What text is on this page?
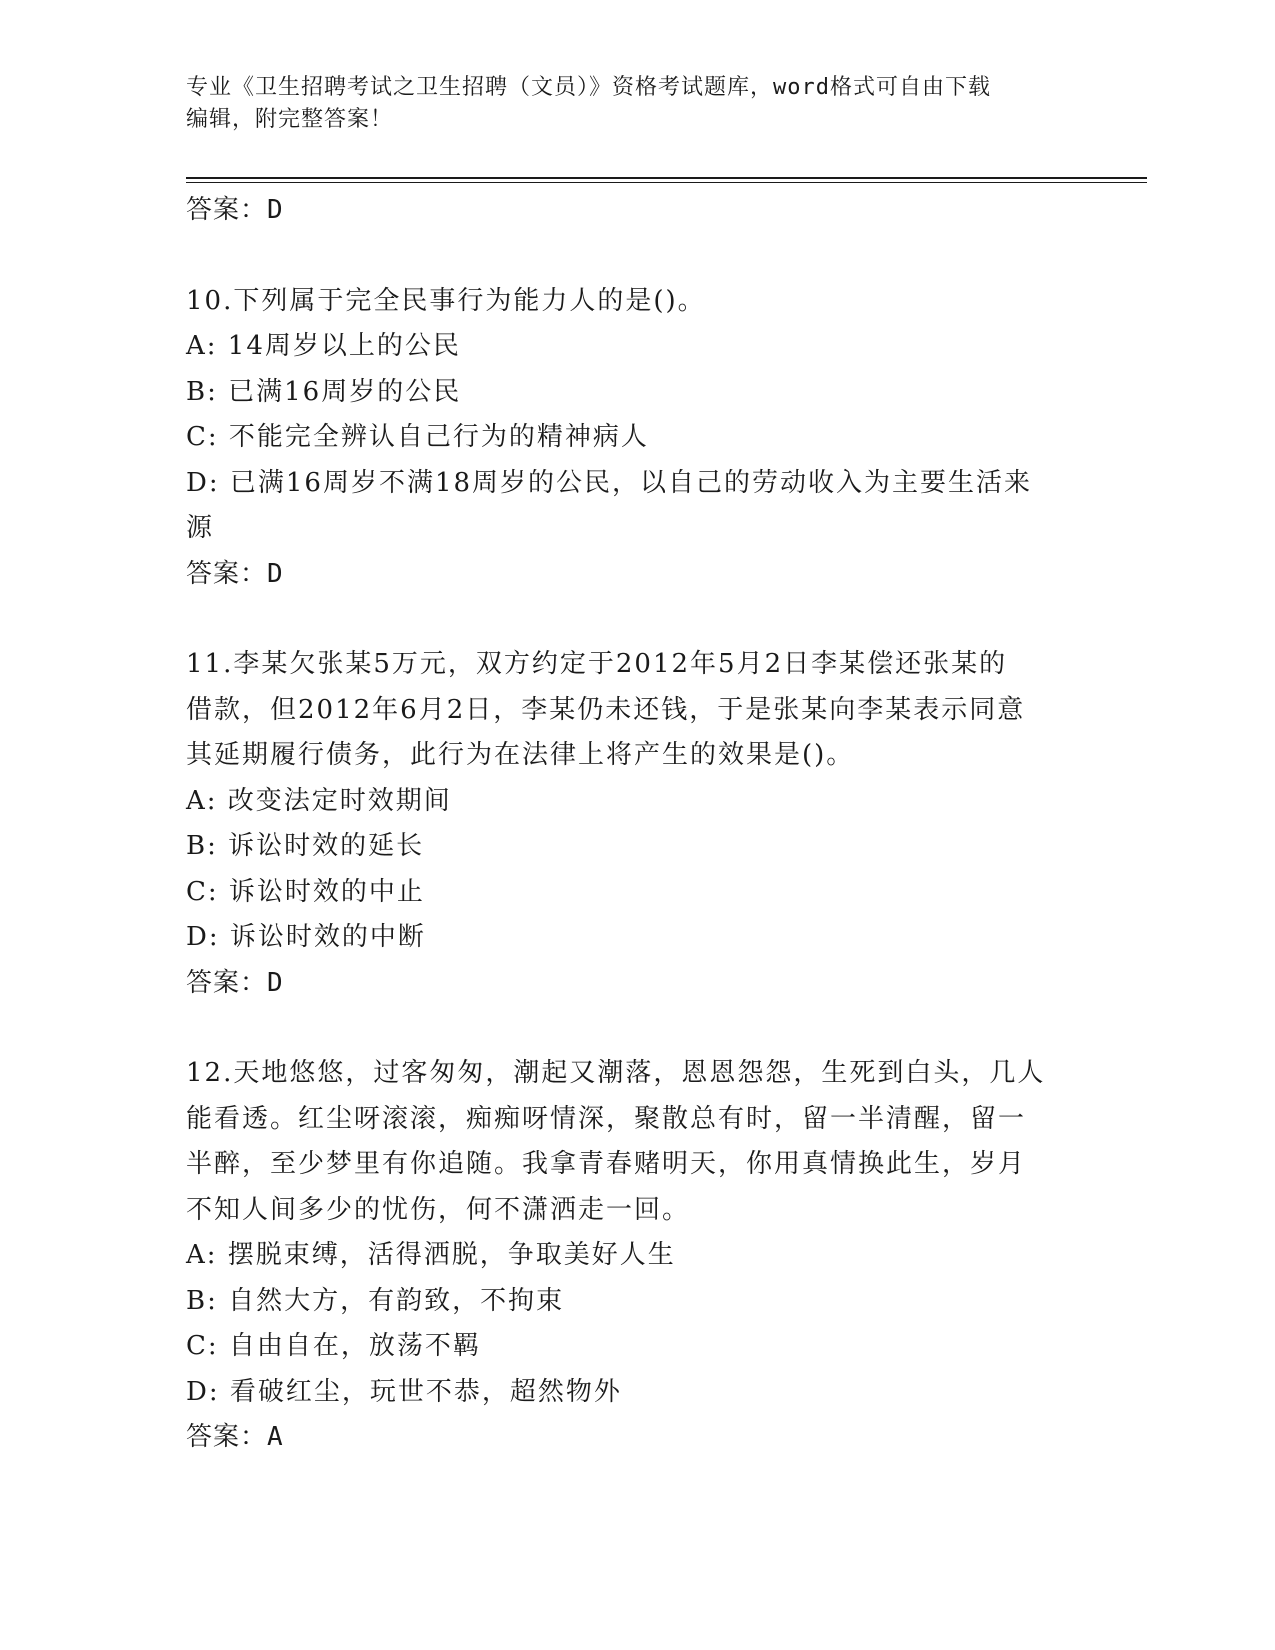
专业《卫生招聘考试之卫生招聘（文员）》资格考试题库，word格式可自由下载
编辑，附完整答案！
答案：D
10.下列属于完全民事行为能力人的是()。
A: 14周岁以上的公民
B: 已满16周岁的公民
C: 不能完全辨认自己行为的精神病人
D: 已满16周岁不满18周岁的公民，以自己的劳动收入为主要生活来
源
答案：D
11.李某欠张某5万元，双方约定于2012年5月2日李某偿还张某的
借款，但2012年6月2日，李某仍未还钱，于是张某向李某表示同意
其延期履行债务，此行为在法律上将产生的效果是()。
A: 改变法定时效期间
B: 诉讼时效的延长
C: 诉讼时效的中止
D: 诉讼时效的中断
答案：D
12.天地悠悠，过客匆匆，潮起又潮落，恩恩怨怨，生死到白头，几人
能看透。红尘呀滚滚，痴痴呀情深，聚散总有时，留一半清醒，留一
半醉，至少梦里有你追随。我拿青春赌明天，你用真情换此生，岁月
不知人间多少的忧伤，何不潇洒走一回。
A: 摆脱束缚，活得洒脱，争取美好人生
B: 自然大方，有韵致，不拘束
C: 自由自在，放荡不羁
D: 看破红尘，玩世不恭，超然物外
答案：A
